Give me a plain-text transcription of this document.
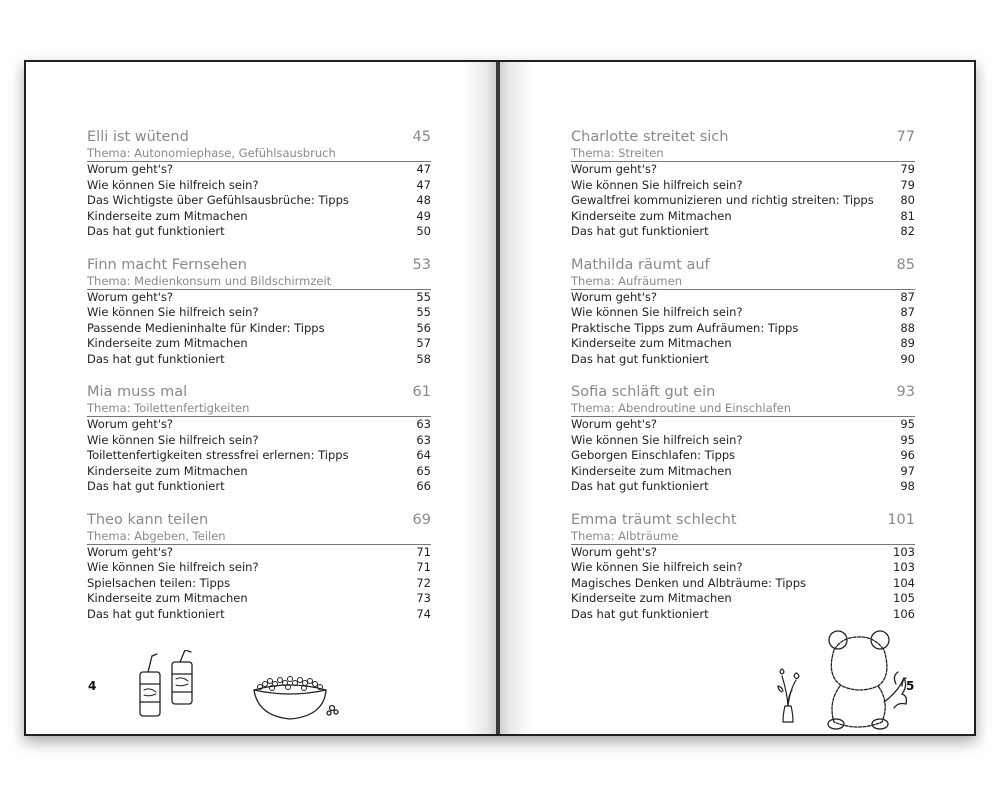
Elli ist wütend	45
Thema: Autonomiephase, Gefühlsausbruch
Worum geht's?	47
Wie können Sie hilfreich sein?	47
Das Wichtigste über Gefühlsausbrüche: Tipps	48
Kinderseite zum Mitmachen	49
Das hat gut funktioniert	50
Finn macht Fernsehen	53
Thema: Medienkonsum und Bildschirmzeit
Worum geht's?	55
Wie können Sie hilfreich sein?	55
Passende Medieninhalte für Kinder: Tipps	56
Kinderseite zum Mitmachen	57
Das hat gut funktioniert	58
Mia muss mal	61
Thema: Toilettenfertigkeiten
Worum geht's?	63
Wie können Sie hilfreich sein?	63
Toilettenfertigkeiten stressfrei erlernen: Tipps	64
Kinderseite zum Mitmachen	65
Das hat gut funktioniert	66
Theo kann teilen	69
Thema: Abgeben, Teilen
Worum geht's?	71
Wie können Sie hilfreich sein?	71
Spielsachen teilen: Tipps	72
Kinderseite zum Mitmachen	73
Das hat gut funktioniert	74
4
Charlotte streitet sich	77
Thema: Streiten
Worum geht's?	79
Wie können Sie hilfreich sein?	79
Gewaltfrei kommunizieren und richtig streiten: Tipps 80
Kinderseite zum Mitmachen	81
Das hat gut funktioniert	82
Mathilda räumt auf	85
Thema: Aufräumen
Worum geht's?	87
Wie können Sie hilfreich sein?	87
Praktische Tipps zum Aufräumen: Tipps	88
Kinderseite zum Mitmachen	89
Das hat gut funktioniert	90
Sofia schläft gut ein	93
Thema: Abendroutine und Einschlafen
Worum geht's?	95
Wie können Sie hilfreich sein?	95
Geborgen Einschlafen: Tipps	96
Kinderseite zum Mitmachen	97
Das hat gut funktioniert	98
Emma träumt schlecht	101
Thema: Albträume
Worum geht's?	103
Wie können Sie hilfreich sein?	103
Magisches Denken und Albträume: Tipps	104
Kinderseite zum Mitmachen	105
Das hat gut funktioniert	106
5
